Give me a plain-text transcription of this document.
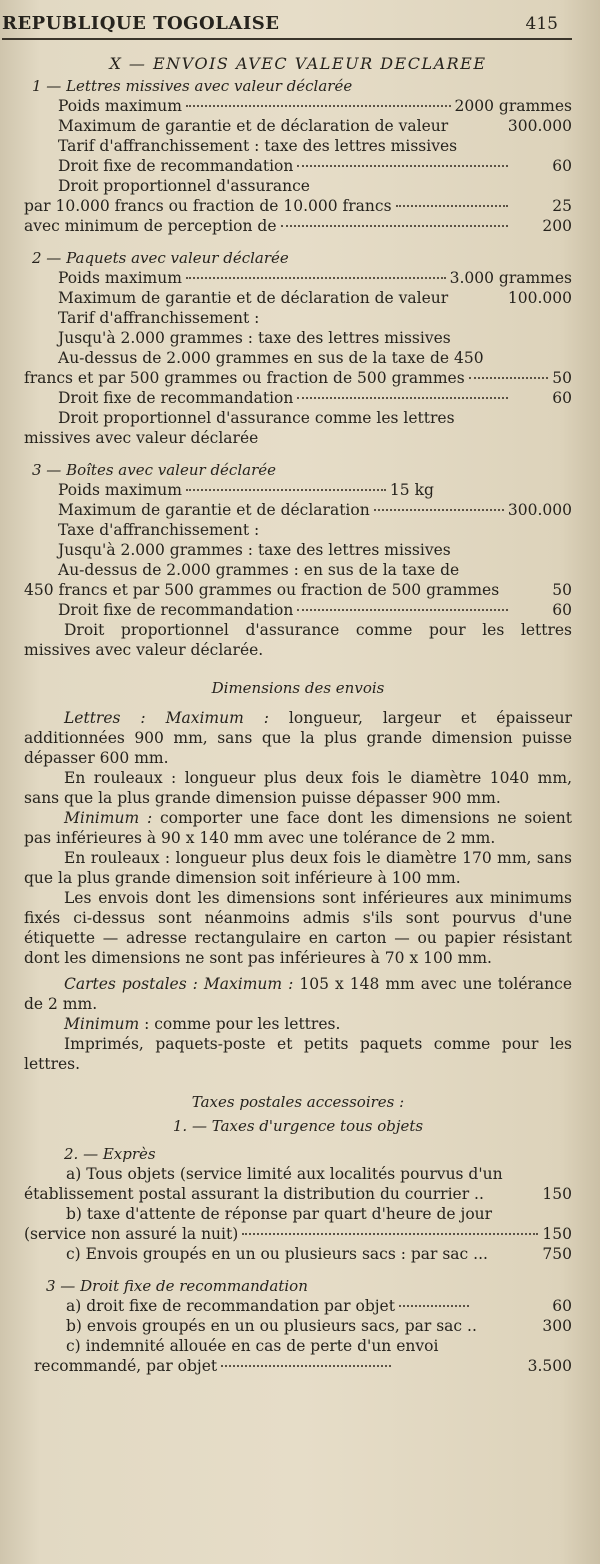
REPUBLIQUE TOGOLAISE	415
X — ENVOIS AVEC VALEUR DECLAREE
1 — Lettres missives avec valeur déclarée
Poids maximum	2000 grammes
Maximum de garantie et de déclaration de valeur	300.000
Tarif d'affranchissement : taxe des lettres missives
Droit fixe de recommandation	60
Droit proportionnel d'assurance
par 10.000 francs ou fraction de 10.000 francs	25
avec minimum de perception de	200
2 — Paquets avec valeur déclarée
Poids maximum	3.000 grammes
Maximum de garantie et de déclaration de valeur	100.000
Tarif d'affranchissement :
Jusqu'à 2.000 grammes : taxe des lettres missives
Au-dessus de 2.000 grammes en sus de la taxe de 450
francs et par 500 grammes ou fraction de 500 grammes	50
Droit fixe de recommandation	60
Droit proportionnel d'assurance comme les lettres
missives avec valeur déclarée
3 — Boîtes avec valeur déclarée
Poids maximum	15 kg
Maximum de garantie et de déclaration	300.000
Taxe d'affranchissement :
Jusqu'à 2.000 grammes : taxe des lettres missives
Au-dessus de 2.000 grammes : en sus de la taxe de
450 francs et par 500 grammes ou fraction de 500 grammes	50
Droit fixe de recommandation	60
Droit proportionnel d'assurance comme pour les lettres missives avec valeur déclarée.
Dimensions des envois
Lettres : Maximum : longueur, largeur et épaisseur additionnées 900 mm, sans que la plus grande dimension puisse dépasser 600 mm.
En rouleaux : longueur plus deux fois le diamètre 1040 mm, sans que la plus grande dimension puisse dépasser 900 mm.
Minimum : comporter une face dont les dimensions ne soient pas inférieures à 90 x 140 mm avec une tolérance de 2 mm.
En rouleaux : longueur plus deux fois le diamètre 170 mm, sans que la plus grande dimension soit inférieure à 100 mm.
Les envois dont les dimensions sont inférieures aux minimums fixés ci-dessus sont néanmoins admis s'ils sont pourvus d'une étiquette — adresse rectangulaire en carton — ou papier résistant dont les dimensions ne sont pas inférieures à 70 x 100 mm.
Cartes postales : Maximum : 105 x 148 mm avec une tolérance de 2 mm.
Minimum : comme pour les lettres.
Imprimés, paquets-poste et petits paquets comme pour les lettres.
Taxes postales accessoires :
1. — Taxes d'urgence tous objets
2. — Exprès
a) Tous objets (service limité aux localités pourvus d'un
établissement postal assurant la distribution du courrier ..	150
b) taxe d'attente de réponse par quart d'heure de jour
(service non assuré la nuit)	150
c) Envois groupés en un ou plusieurs sacs : par sac ...	750
3 — Droit fixe de recommandation
a) droit fixe de recommandation par objet	60
b) envois groupés en un ou plusieurs sacs, par sac ..	300
c) indemnité allouée en cas de perte d'un envoi
recommandé, par objet	3.500
